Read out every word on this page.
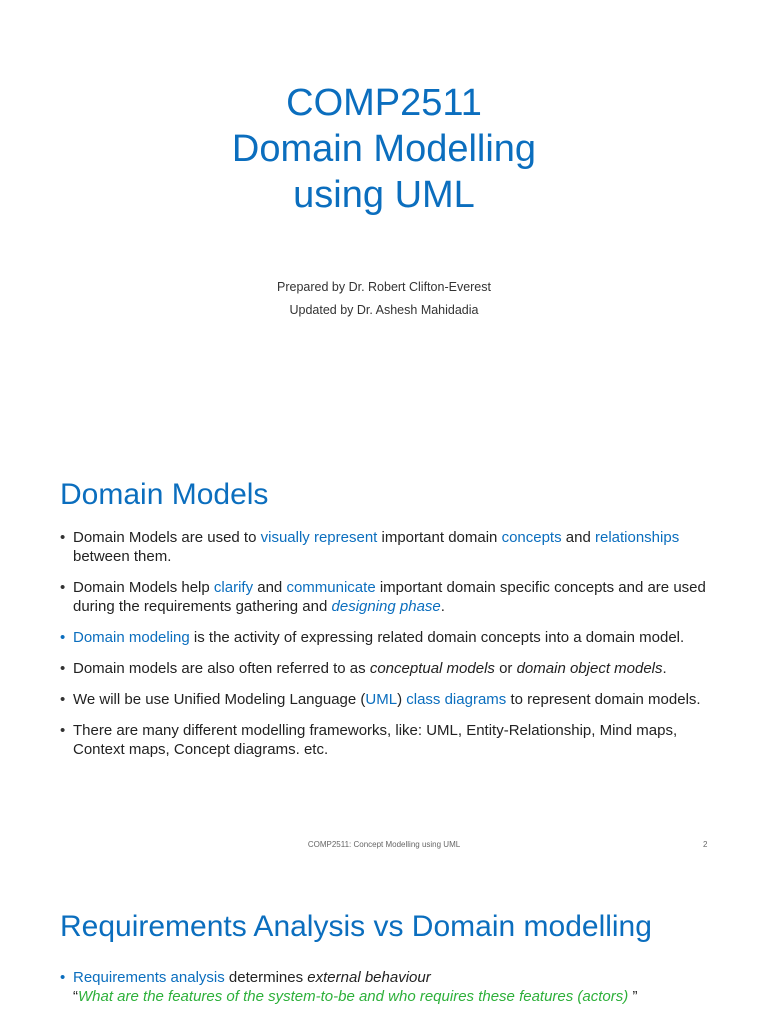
COMP2511
Domain Modelling
using UML
Prepared by Dr. Robert Clifton-Everest
Updated by Dr. Ashesh Mahidadia
Domain Models
• Domain Models are used to visually represent important domain concepts and relationships between them.
• Domain Models help clarify and communicate important domain specific concepts and are used during the requirements gathering and designing phase.
• Domain modeling is the activity of expressing related domain concepts into a domain model.
• Domain models are also often referred to as conceptual models or domain object models.
• We will be use Unified Modeling Language (UML) class diagrams to represent domain models.
• There are many different modelling frameworks, like: UML, Entity-Relationship, Mind maps, Context maps, Concept diagrams. etc.
COMP2511: Concept Modelling using UML	2
Requirements Analysis vs Domain modelling
• Requirements analysis determines external behaviour
“What are the features of the system-to-be and who requires these features (actors) ”
